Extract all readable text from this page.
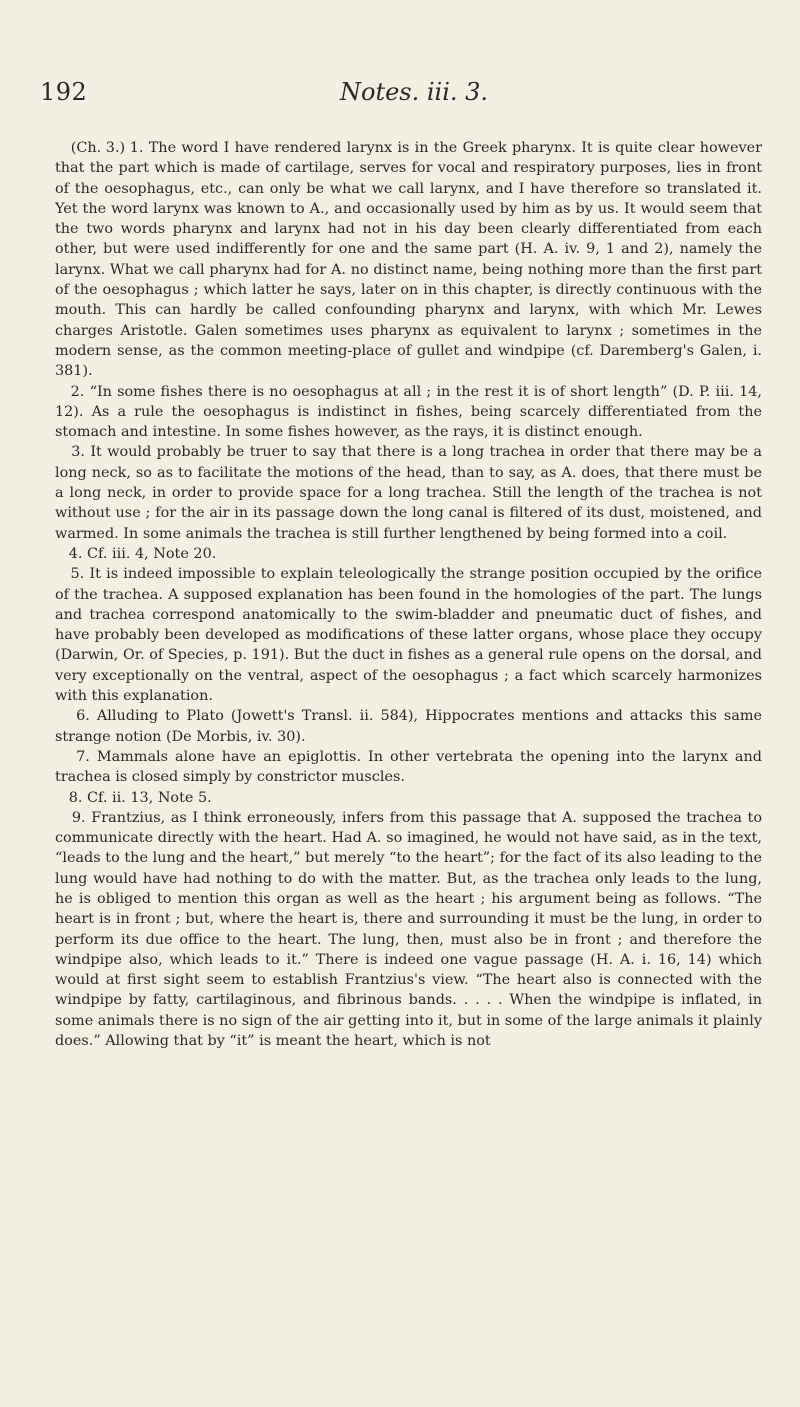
192	Notes. iii. 3.

(Ch. 3.) 1. The word I have rendered larynx is in the Greek pharynx. It is quite clear however that the part which is made of cartilage, serves for vocal and respiratory purposes, lies in front of the oesophagus, etc., can only be what we call larynx, and I have therefore so translated it. Yet the word larynx was known to A., and occasionally used by him as by us. It would seem that the two words pharynx and larynx had not in his day been clearly differentiated from each other, but were used indifferently for one and the same part (H. A. iv. 9, 1 and 2), namely the larynx. What we call pharynx had for A. no distinct name, being nothing more than the first part of the oesophagus ; which latter he says, later on in this chapter, is directly continuous with the mouth. This can hardly be called confounding pharynx and larynx, with which Mr. Lewes charges Aristotle. Galen sometimes uses pharynx as equivalent to larynx ; sometimes in the modern sense, as the common meeting-place of gullet and windpipe (cf. Daremberg's Galen, i. 381).

2. “In some fishes there is no oesophagus at all ; in the rest it is of short length” (D. P. iii. 14, 12). As a rule the oesophagus is indistinct in fishes, being scarcely differentiated from the stomach and intestine. In some fishes however, as the rays, it is distinct enough.

3. It would probably be truer to say that there is a long trachea in order that there may be a long neck, so as to facilitate the motions of the head, than to say, as A. does, that there must be a long neck, in order to provide space for a long trachea. Still the length of the trachea is not without use ; for the air in its passage down the long canal is filtered of its dust, moistened, and warmed. In some animals the trachea is still further lengthened by being formed into a coil.

4. Cf. iii. 4, Note 20.

5. It is indeed impossible to explain teleologically the strange position occupied by the orifice of the trachea. A supposed explanation has been found in the homologies of the part. The lungs and trachea correspond anatomically to the swim-bladder and pneumatic duct of fishes, and have probably been developed as modifications of these latter organs, whose place they occupy (Darwin, Or. of Species, p. 191). But the duct in fishes as a general rule opens on the dorsal, and very exceptionally on the ventral, aspect of the oesophagus ; a fact which scarcely harmonizes with this explanation.

6. Alluding to Plato (Jowett's Transl. ii. 584), Hippocrates mentions and attacks this same strange notion (De Morbis, iv. 30).

7. Mammals alone have an epiglottis. In other vertebrata the opening into the larynx and trachea is closed simply by constrictor muscles.

8. Cf. ii. 13, Note 5.

9. Frantzius, as I think erroneously, infers from this passage that A. supposed the trachea to communicate directly with the heart. Had A. so imagined, he would not have said, as in the text, “leads to the lung and the heart,” but merely “to the heart”; for the fact of its also leading to the lung would have had nothing to do with the matter. But, as the trachea only leads to the lung, he is obliged to mention this organ as well as the heart ; his argument being as follows. “The heart is in front ; but, where the heart is, there and surrounding it must be the lung, in order to perform its due office to the heart. The lung, then, must also be in front ; and therefore the windpipe also, which leads to it.” There is indeed one vague passage (H. A. i. 16, 14) which would at first sight seem to establish Frantzius's view. “The heart also is connected with the windpipe by fatty, cartilaginous, and fibrinous bands. . . . . When the windpipe is inflated, in some animals there is no sign of the air getting into it, but in some of the large animals it plainly does.” Allowing that by “it” is meant the heart, which is not
